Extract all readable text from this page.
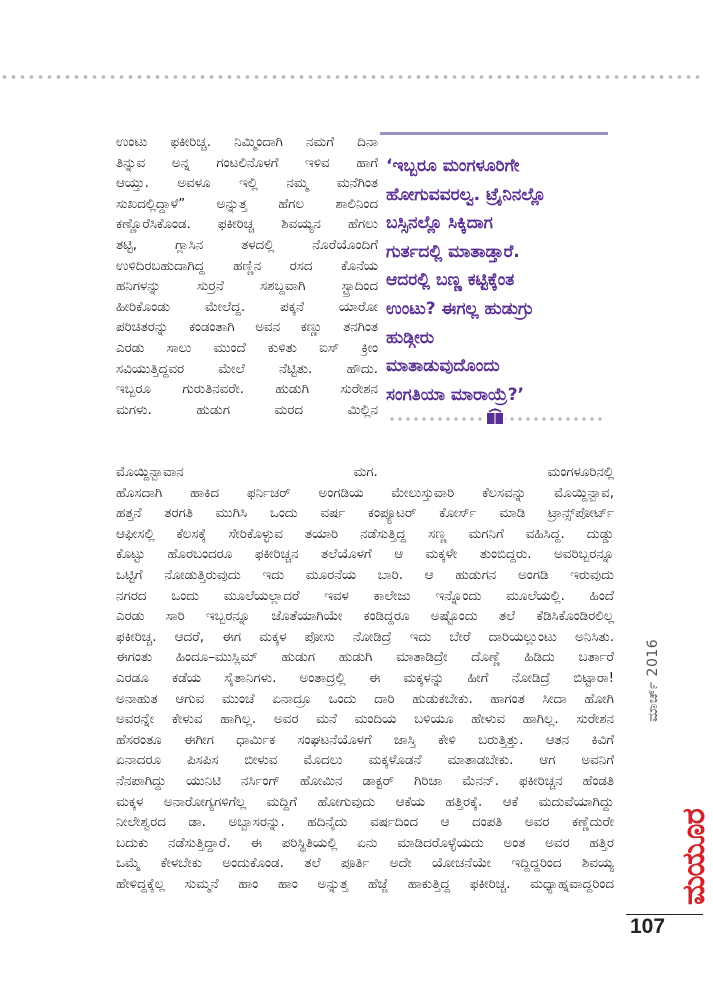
ಉಂಟು ಫಕೀರಿಚ್ಚ. ನಿಮ್ಮಿಂದಾಗಿ ನಮಗೆ ದಿನಾ
ತಿನ್ನುವ ಅನ್ನ ಗಂಟಲಿನೊಳಗೆ ಇಳಿವ ಹಾಗೆ
ಆಯ್ತು. ಅವಳೂ ಇಲ್ಲಿ ನಮ್ಮ ಮನೆಗಿಂತ
ಸುಖದಲ್ಲಿದ್ದಾಳೆ” ಅನ್ನುತ್ತ ಹೆಗಲ ಶಾಲಿನಿಂದ
ಕಣ್ಣೊರೆಸಿಕೊಂಡ. ಫಕೀರಿಚ್ಚ ಶಿವಯ್ಯನ ಹೆಗಲು
ತಟ್ಟಿ, ಗ್ಲಾಸಿನ ತಳದಲ್ಲಿ ನೊರೆಯೊಂದಿಗೆ
ಉಳಿದಿರಬಹುದಾಗಿದ್ದ ಹಣ್ಣಿನ ರಸದ ಕೊನೆಯ
ಹನಿಗಳನ್ನು ಸುರ್ರನೆ ಸಶಬ್ದವಾಗಿ ಸ್ಟ್ರಾದಿಂದ
ಹೀರಿಕೊಂಡು ಮೇಲೆದ್ದ. ಪಕ್ಕನೆ ಯಾರೋ
ಪರಿಚಿತರನ್ನು ಕಂಡಂತಾಗಿ ಅವನ ಕಣ್ಣು ತನಗಿಂತ
ಎರಡು ಸಾಲು ಮುಂದೆ ಕುಳಿತು ಐಸ್ ಕ್ರೀಂ
ಸವಿಯುತ್ತಿದ್ದವರ ಮೇಲೆ ನೆಟ್ಟಿತು. ಹೌದು.
ಇಬ್ಬರೂ ಗುರುತಿನವರೇ. ಹುಡುಗಿ ಸುರೇಶನ
ಮಗಳು. ಹುಡುಗ ಮರದ ಮಿಲ್ಲಿನ
‘ಇಬ್ಬರೂ ಮಂಗಳೂರಿಗೇ
ಹೋಗುವವರಲ್ವ. ಟ್ರೈನಿನಲ್ಲೊ
ಬಸ್ಸಿನಲ್ಲೊ ಸಿಕ್ಕಿದಾಗ
ಗುರ್ತದಲ್ಲಿ ಮಾತಾಡ್ತಾರೆ.
ಆದರಲ್ಲಿ ಬಣ್ಣ ಕಟ್ಟಿಕ್ಕೆಂತ
ಉಂಟು? ಈಗಲ್ಲ ಹುಡುಗ್ರು
ಹುಡ್ಗೀರು
ಮಾತಾಡುವುದೊಂದು
ಸಂಗತಿಯಾ ಮಾರಾಯ್ರೆ?’
ಮೊಯ್ದಿನ್ಬಾವಾನ ಮಗ. ಮಂಗಳೂರಿನಲ್ಲಿ
ಹೊಸದಾಗಿ ಹಾಕಿದ ಫರ್ನಿಚರ್ ಅಂಗಡಿಯ ಮೇಲುಸ್ತುವಾರಿ ಕೆಲಸವನ್ನು ಮೊಯ್ದಿನ್ಬಾವ,
ಹತ್ತನೆ ತರಗತಿ ಮುಗಿಸಿ ಒಂದು ವರ್ಷ ಕಂಪ್ಯೂಟರ್ ಕೋರ್ಸ್ ಮಾಡಿ ಟ್ರಾನ್ಸ್‌ಪೋರ್ಟ್
ಆಫೀಸಲ್ಲಿ ಕೆಲಸಕ್ಕೆ ಸೇರಿಕೊಳ್ಳುವ ತಯಾರಿ ನಡೆಸುತ್ತಿದ್ದ ಸಣ್ಣ ಮಗನಿಗೆ ವಹಿಸಿದ್ದ. ದುಡ್ಡು
ಕೊಟ್ಟು ಹೊರಬಂದರೂ ಫಕೀರಿಚ್ಚನ ತಲೆಯೊಳಗೆ ಆ ಮಕ್ಕಳೇ ತುಂಬಿದ್ದರು. ಅವರಿಬ್ಬರನ್ನೂ
ಒಟ್ಟಿಗೆ ನೋಡುತ್ತಿರುವುದು ಇದು ಮೂರನೆಯ ಬಾರಿ. ಆ ಹುಡುಗನ ಅಂಗಡಿ ಇರುವುದು
ನಗರದ ಒಂದು ಮೂಲೆಯಲ್ಲಾದರೆ ಇವಳ ಕಾಲೇಜು ಇನ್ನೊಂದು ಮೂಲೆಯಲ್ಲಿ. ಹಿಂದೆ
ಎರಡು ಸಾರಿ ಇಬ್ಬರನ್ನೂ ಜೊತೆಯಾಗಿಯೇ ಕಂಡಿದ್ದರೂ ಅಷ್ಟೊಂದು ತಲೆ ಕೆಡಿಸಿಕೊಂಡಿರಲಿಲ್ಲ
ಫಕೀರಿಚ್ಚ. ಆದರೆ, ಈಗ ಮಕ್ಕಳ ಪೋಸು ನೋಡಿದ್ರೆ ಇದು ಬೇರೆ ದಾರಿಯಲ್ಲುಂಟು ಅನಿಸಿತು.
ಈಗಂತು ಹಿಂದೂ–ಮುಸ್ಲಿಮ್ ಹುಡುಗ ಹುಡುಗಿ ಮಾತಾಡಿದ್ರೇ ದೊಣ್ಣೆ ಹಿಡಿದು ಬರ್ತಾರೆ
ಎರಡೂ ಕಡೆಯ ಸೈತಾನಿಗಳು. ಅಂತಾದ್ರಲ್ಲಿ ಈ ಮಕ್ಕಳನ್ನು ಹೀಗೆ ನೋಡಿದ್ರೆ ಬಿಟ್ಟಾರಾ!
ಅನಾಹುತ ಆಗುವ ಮುಂಚೆ ಏನಾದ್ರೂ ಒಂದು ದಾರಿ ಹುಡುಕಬೇಕು. ಹಾಗಂತ ಸೀದಾ ಹೋಗಿ
ಅವರನ್ನೇ ಕೇಳುವ ಹಾಗಿಲ್ಲ. ಅವರ ಮನೆ ಮಂದಿಯ ಬಳಿಯೂ ಹೇಳುವ ಹಾಗಿಲ್ಲ. ಸುರೇಶನ
ಹೆಸರಂತೂ ಈಗೀಗ ಧಾರ್ಮಿಕ ಸಂಘಟನೆಯೊಳಗೆ ಜಾಸ್ತಿ ಕೇಳಿ ಬರುತ್ತಿತ್ತು. ಆತನ ಕಿವಿಗೆ
ಏನಾದರೂ ಪಿಸಪಿಸ ಬೀಳುವ ಮೊದಲು ಮಕ್ಕಳೊಡನೆ ಮಾತಾಡಬೇಕು. ಆಗ ಅವನಿಗೆ
ನೆನಪಾಗಿದ್ದು ಯುನಿಟಿ ನರ್ಸಿಂಗ್ ಹೋಮಿನ ಡಾಕ್ಟರ್ ಗಿರಿಜಾ ಮೆನನ್. ಫಕೀರಿಚ್ಚನ ಹೆಂಡತಿ
ಮಕ್ಕಳ ಅನಾರೋಗ್ಯಗಳಿಗೆಲ್ಲ ಮದ್ದಿಗೆ ಹೋಗುವುದು ಆಕೆಯ ಹತ್ತಿರಕ್ಕೆ. ಆಕೆ ಮದುವೆಯಾಗಿದ್ದು
ನೀಲೇಶ್ವರದ ಡಾ. ಅಬ್ಬಾಸರನ್ನು. ಹದಿನೈದು ವರ್ಷದಿಂದ ಆ ದಂಪತಿ ಅವರ ಕಣ್ಣೆದುರೇ
ಬದುಕು ನಡೆಸುತ್ತಿದ್ದಾರೆ. ಈ ಪರಿಸ್ಥಿತಿಯಲ್ಲಿ ಏನು ಮಾಡಿದರೊಳ್ಳೆಯದು ಅಂತ ಅವರ ಹತ್ತಿರ
ಒಮ್ಮೆ ಕೇಳಬೇಕು ಅಂದುಕೊಂಡ. ತಲೆ ಪೂರ್ತಿ ಅದೇ ಯೋಚನೆಯೇ ಇದ್ದಿದ್ದರಿಂದ ಶಿವಯ್ಯ
ಹೇಳಿದ್ದಕ್ಕೆಲ್ಲ ಸುಮ್ಮನೆ ಹಾಂ ಹಾಂ ಅನ್ನುತ್ತ ಹೆಜ್ಜೆ ಹಾಕುತ್ತಿದ್ದ ಫಕೀರಿಚ್ಚ. ಮಧ್ಯಾಹ್ನವಾದ್ದರಿಂದ
ಮಾರ್ಚ್ 2016
ಮಯೂರ
107
